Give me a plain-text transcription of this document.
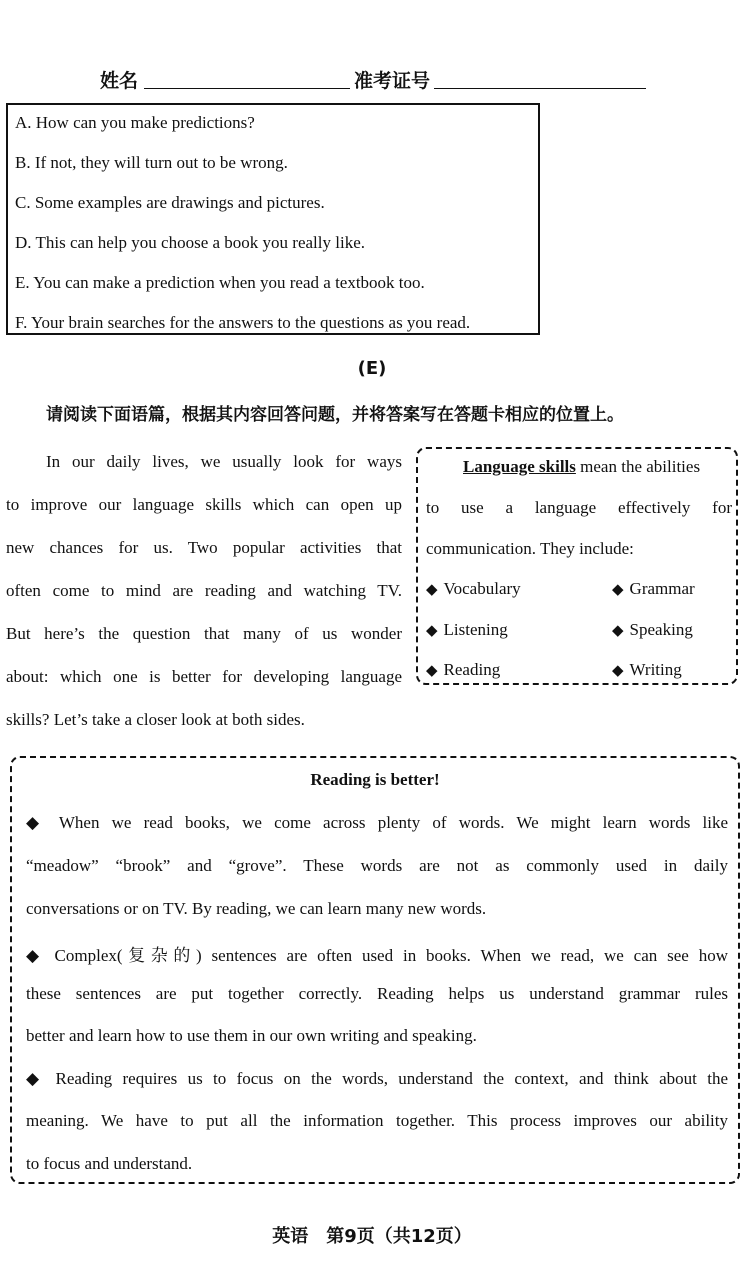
姓名	准考证号
A. How can you make predictions?
B. If not, they will turn out to be wrong.
C. Some examples are drawings and pictures.
D. This can help you choose a book you really like.
E. You can make a prediction when you read a textbook too.
F. Your brain searches for the answers to the questions as you read.
(E)
请阅读下面语篇，根据其内容回答问题，并将答案写在答题卡相应的位置上。
In our daily lives, we usually look for ways
to improve our language skills which can open up
new chances for us. Two popular activities that
often come to mind are reading and watching TV.
But here’s the question that many of us wonder
about: which one is better for developing language
skills? Let’s take a closer look at both sides.
Language skills mean the abilities
to use a language effectively for
communication. They include:
◆ Vocabulary	◆ Grammar
◆ Listening	◆ Speaking
◆ Reading	◆ Writing
Reading is better!
◆ When we read books, we come across plenty of words. We might learn words like
“meadow” “brook” and “grove”. These words are not as commonly used in daily
conversations or on TV. By reading, we can learn many new words.
◆ Complex(复杂的) sentences are often used in books. When we read, we can see how
these sentences are put together correctly. Reading helps us understand grammar rules
better and learn how to use them in our own writing and speaking.
◆ Reading requires us to focus on the words, understand the context, and think about the
meaning. We have to put all the information together. This process improves our ability
to focus and understand.
英语　第9页（共12页）
